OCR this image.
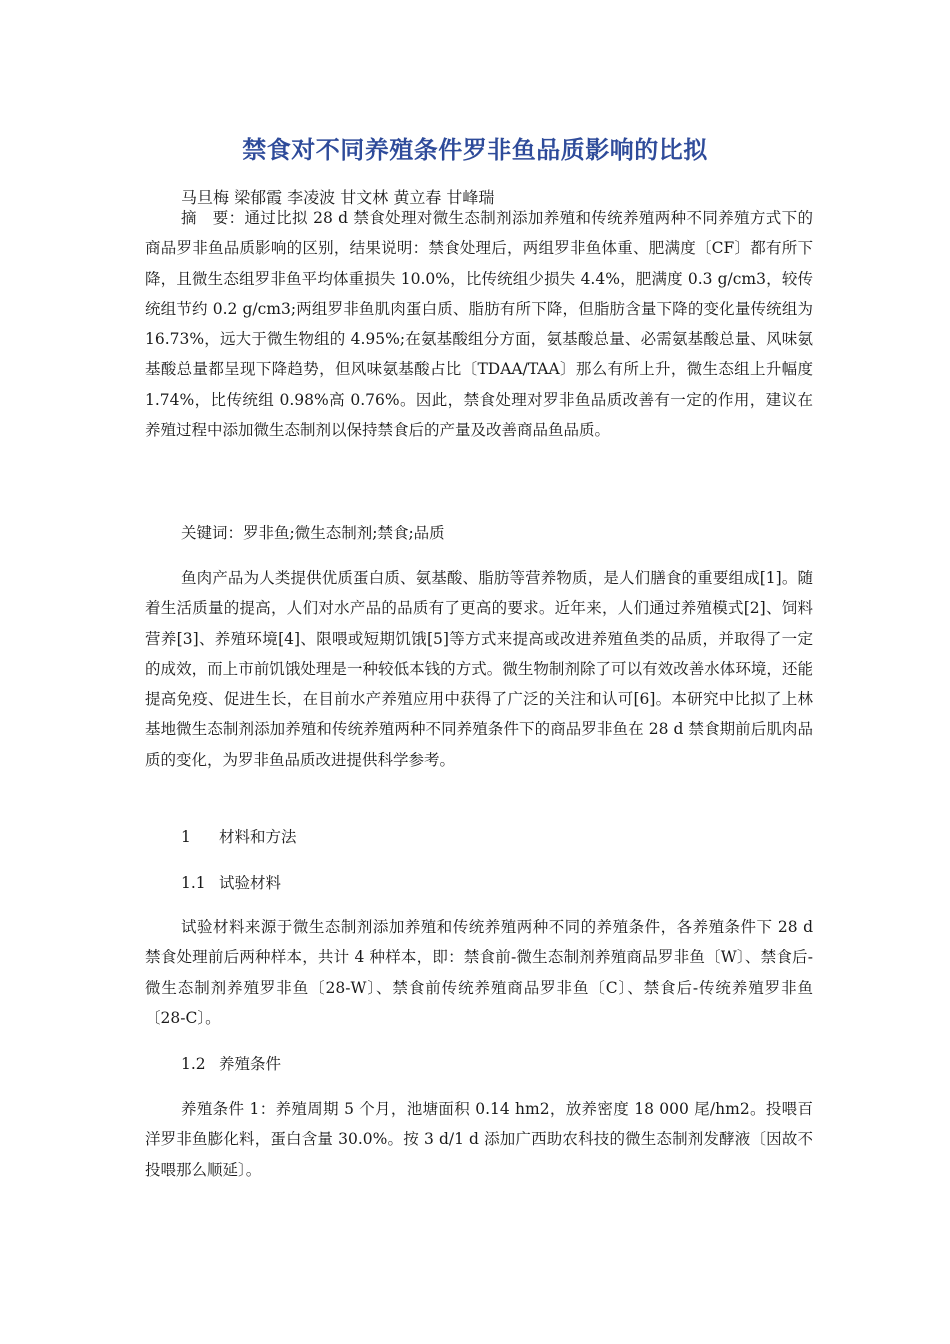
禁食对不同养殖条件罗非鱼品质影响的比拟
马旦梅 梁郁霞 李凌波 甘文林 黄立春 甘峰瑞
摘　要：通过比拟 28 d 禁食处理对微生态制剂添加养殖和传统养殖两种不同养殖方式下的商品罗非鱼品质影响的区别，结果说明：禁食处理后，两组罗非鱼体重、肥满度〔CF〕都有所下降，且微生态组罗非鱼平均体重损失 10.0%，比传统组少损失 4.4%，肥满度 0.3 g/cm3，较传统组节约 0.2 g/cm3;两组罗非鱼肌肉蛋白质、脂肪有所下降，但脂肪含量下降的变化量传统组为 16.73%，远大于微生物组的 4.95%;在氨基酸组分方面，氨基酸总量、必需氨基酸总量、风味氨基酸总量都呈现下降趋势，但风味氨基酸占比〔TDAA/TAA〕那么有所上升，微生态组上升幅度 1.74%，比传统组 0.98%高 0.76%。因此，禁食处理对罗非鱼品质改善有一定的作用，建议在养殖过程中添加微生态制剂以保持禁食后的产量及改善商品鱼品质。
关键词：罗非鱼;微生态制剂;禁食;品质
鱼肉产品为人类提供优质蛋白质、氨基酸、脂肪等营养物质，是人们膳食的重要组成[1]。随着生活质量的提高，人们对水产品的品质有了更高的要求。近年来，人们通过养殖模式[2]、饲料营养[3]、养殖环境[4]、限喂或短期饥饿[5]等方式来提高或改进养殖鱼类的品质，并取得了一定的成效，而上市前饥饿处理是一种较低本钱的方式。微生物制剂除了可以有效改善水体环境，还能提高免疫、促进生长，在目前水产养殖应用中获得了广泛的关注和认可[6]。本研究中比拟了上林基地微生态制剂添加养殖和传统养殖两种不同养殖条件下的商品罗非鱼在 28 d 禁食期前后肌肉品质的变化，为罗非鱼品质改进提供科学参考。
1 材料和方法
1.1 试验材料
试验材料来源于微生态制剂添加养殖和传统养殖两种不同的养殖条件，各养殖条件下 28 d 禁食处理前后两种样本，共计 4 种样本，即：禁食前-微生态制剂养殖商品罗非鱼〔W〕、禁食后-微生态制剂养殖罗非鱼〔28-W〕、禁食前传统养殖商品罗非鱼〔C〕、禁食后-传统养殖罗非鱼〔28-C〕。
1.2 养殖条件
养殖条件 1：养殖周期 5 个月，池塘面积 0.14 hm2，放养密度 18 000 尾/hm2。投喂百洋罗非鱼膨化料，蛋白含量 30.0%。按 3 d/1 d 添加广西助农科技的微生态制剂发酵液〔因故不投喂那么顺延〕。
